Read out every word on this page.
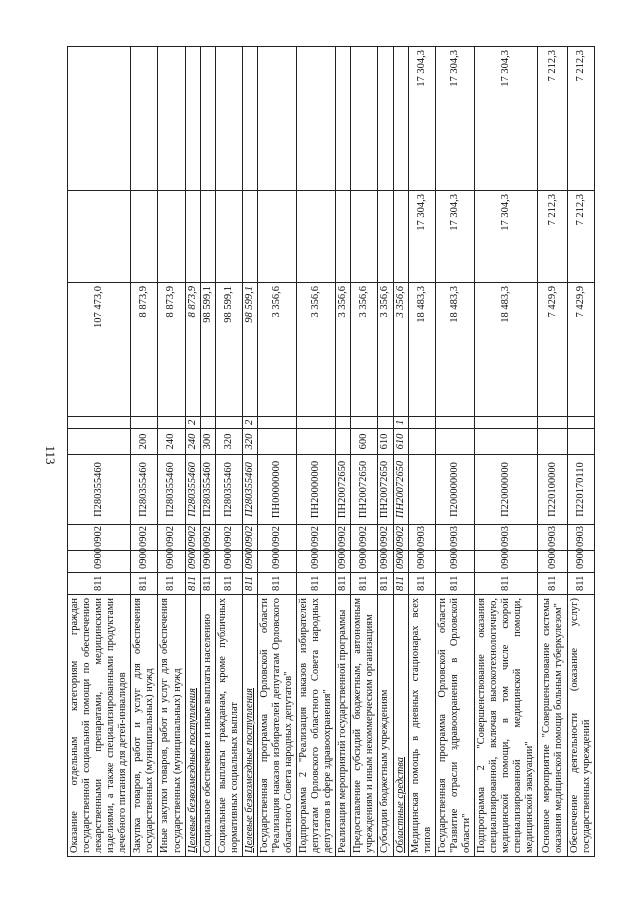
113
Оказание отдельным категориям граждан государственной социальной помощи по обеспечению лекарственными препаратами, медицинскими изделиями, а также специализированными продуктами лечебного питания для детей-инвалидов	811	0900	0902	П280355460			107 473,0		
Закупка товаров, работ и услуг для обеспечения государственных (муниципальных) нужд	811	0900	0902	П280355460	200		8 873,9		
Иные закупки товаров, работ и услуг для обеспечения государственных (муниципальных) нужд	811	0900	0902	П280355460	240		8 873,9		
Целевые безвозмездные поступления	811	0900	0902	П280355460	240	2	8 873,9		
Социальное обеспечение и иные выплаты населению	811	0900	0902	П280355460	300		98 599,1		
Социальные выплаты гражданам, кроме публичных нормативных социальных выплат	811	0900	0902	П280355460	320		98 599,1		
Целевые безвозмездные поступления	811	0900	0902	П280355460	320	2	98 599,1		
Государственная программа Орловской области "Реализация наказов избирателей депутатам Орловского областного Совета народных депутатов"	811	0900	0902	ПН00000000			3 356,6		
Подпрограмма 2 "Реализация наказов избирателей депутатам Орловского областного Совета народных депутатов в сфере здравоохранения"	811	0900	0902	ПН20000000			3 356,6		
Реализация мероприятий государственной программы	811	0900	0902	ПН20072650			3 356,6		
Предоставление субсидий бюджетным, автономным учреждениям и иным некоммерческим организациям	811	0900	0902	ПН20072650	600		3 356,6		
Субсидии бюджетным учреждениям	811	0900	0902	ПН20072650	610		3 356,6		
Областные средства	811	0900	0902	ПН20072650	610	1	3 356,6		
Медицинская помощь в дневных стационарах всех типов	811	0900	0903				18 483,3	17 304,3	17 304,3
Государственная программа Орловской области "Развитие отрасли здравоохранения в Орловской области"	811	0900	0903	П200000000			18 483,3	17 304,3	17 304,3
Подпрограмма 2 "Совершенствование оказания специализированной, включая высокотехнологичную, медицинской помощи, в том числе скорой специализированной медицинской помощи, медицинской эвакуации"	811	0900	0903	П220000000			18 483,3	17 304,3	17 304,3
Основное мероприятие "Совершенствование системы оказания медицинской помощи больным туберкулезом"	811	0900	0903	П220100000			7 429,9	7 212,3	7 212,3
Обеспечение деятельности (оказание услуг) государственных учреждений	811	0900	0903	П220170110			7 429,9	7 212,3	7 212,3
